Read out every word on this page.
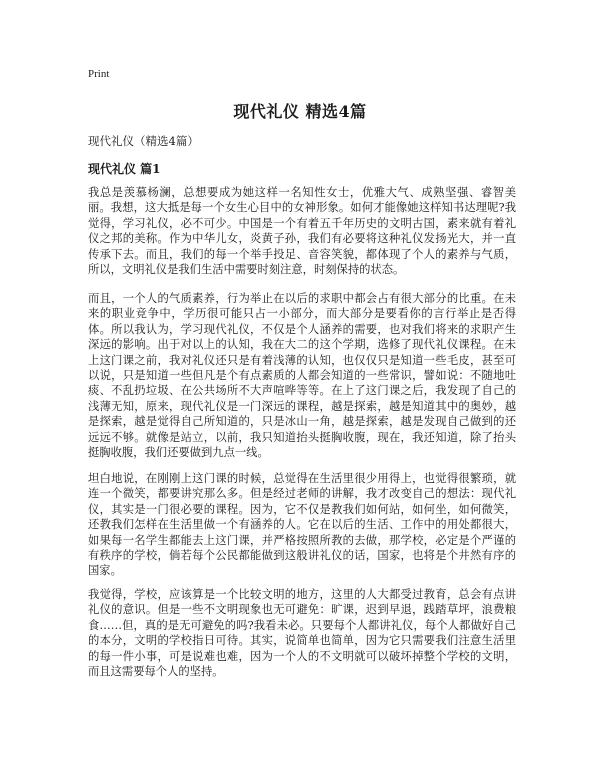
Print
现代礼仪 精选4篇

现代礼仪（精选4篇）

现代礼仪 篇1

我总是羡慕杨澜，总想要成为她这样一名知性女士，优雅大气、成熟坚强、睿智美丽。我想，这大抵是每一个女生心目中的女神形象。如何才能像她这样知书达理呢?我觉得，学习礼仪，必不可少。中国是一个有着五千年历史的文明古国，素来就有着礼仪之邦的美称。作为中华儿女，炎黄子孙，我们有必要将这种礼仪发扬光大，并一直传承下去。而且，我们的每一个举手投足、音容笑貌，都体现了个人的素养与气质，所以，文明礼仪是我们生活中需要时刻注意，时刻保持的状态。

而且，一个人的气质素养，行为举止在以后的求职中都会占有很大部分的比重。在未来的职业竞争中，学历很可能只占一小部分，而大部分是要看你的言行举止是否得体。所以我认为，学习现代礼仪，不仅是个人涵养的需要，也对我们将来的求职产生深远的影响。出于对以上的认知，我在大二的这个学期，选修了现代礼仪课程。在未上这门课之前，我对礼仪还只是有着浅薄的认知，也仅仅只是知道一些毛皮，甚至可以说，只是知道一些但凡是个有点素质的人都会知道的一些常识，譬如说：不随地吐痰、不乱扔垃圾、在公共场所不大声喧哗等等。在上了这门课之后，我发现了自己的浅薄无知，原来，现代礼仪是一门深远的课程，越是探索，越是知道其中的奥妙，越是探索，越是觉得自己所知道的，只是冰山一角，越是探索，越是发现自己做到的还远远不够。就像是站立，以前，我只知道抬头挺胸收腹，现在，我还知道，除了抬头挺胸收腹，我们还要做到九点一线。

坦白地说，在刚刚上这门课的时候，总觉得在生活里很少用得上，也觉得很繁琐，就连一个微笑，都要讲究那么多。但是经过老师的讲解，我才改变自己的想法：现代礼仪，其实是一门很必要的课程。因为，它不仅是教我们如何站，如何坐，如何微笑，还教我们怎样在生活里做一个有涵养的人。它在以后的生活、工作中的用处都很大，如果每一名学生都能去上这门课，并严格按照所教的去做，那学校，必定是个严谨的有秩序的学校，倘若每个公民都能做到这般讲礼仪的话，国家，也将是个井然有序的国家。

我觉得，学校，应该算是一个比较文明的地方，这里的人大都受过教育，总会有点讲礼仪的意识。但是一些不文明现象也无可避免：旷课，迟到早退，践踏草坪，浪费粮食……但，真的是无可避免的吗?我看未必。只要每个人都讲礼仪，每个人都做好自己的本分，文明的学校指日可待。其实，说简单也简单，因为它只需要我们注意生活里的每一件小事，可是说难也难，因为一个人的不文明就可以破坏掉整个学校的文明，而且这需要每个人的坚持。
